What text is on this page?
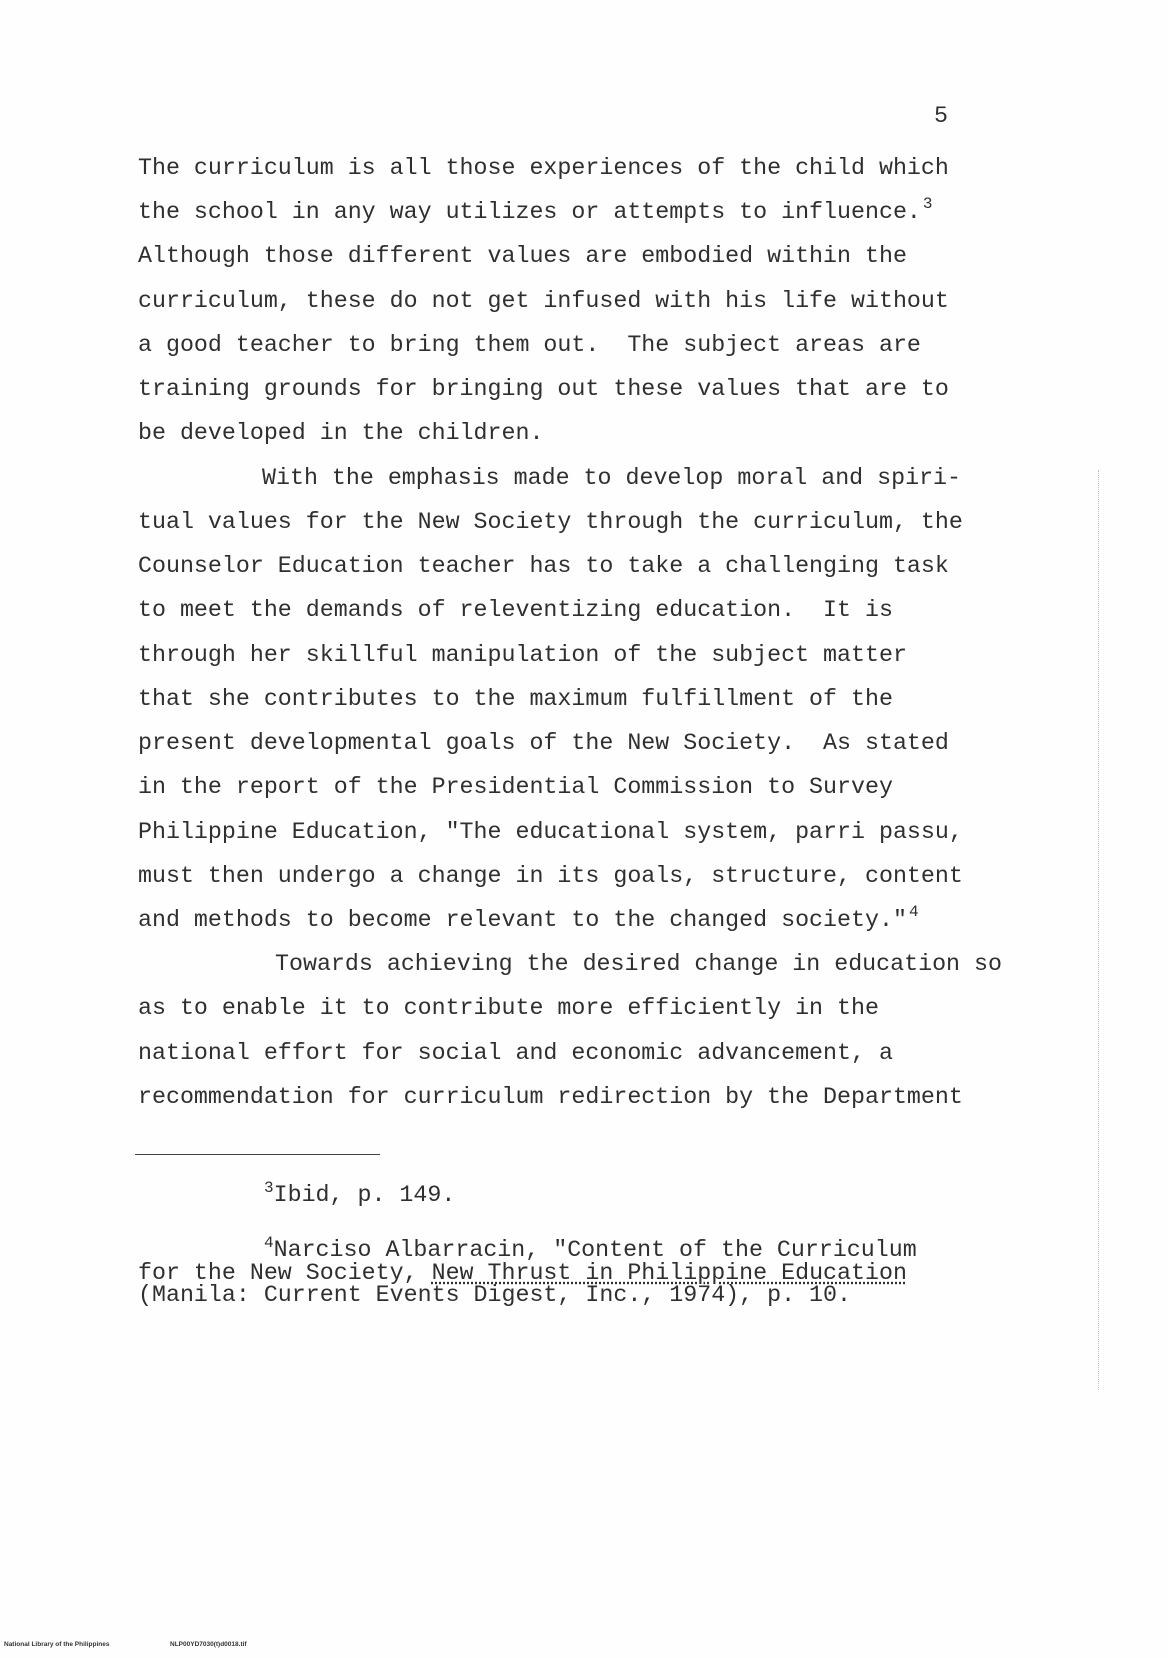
5
The curriculum is all those experiences of the child which
the school in any way utilizes or attempts to influence. $^3$
Although those different values are embodied within the
curriculum, these do not get infused with his life without
a good teacher to bring them out.  The subject areas are
training grounds for bringing out these values that are to
be developed in the children.
With the emphasis made to develop moral and spiri-
tual values for the New Society through the curriculum, the
Counselor Education teacher has to take a challenging task
to meet the demands of releventizing education.  It is
through her skillful manipulation of the subject matter
that she contributes to the maximum fulfillment of the
present developmental goals of the New Society.  As stated
in the report of the Presidential Commission to Survey
Philippine Education, "The educational system, parri passu,
must then undergo a change in its goals, structure, content
and methods to become relevant to the changed society." $^4$
Towards achieving the desired change in education so
as to enable it to contribute more efficiently in the
national effort for social and economic advancement, a
recommendation for curriculum redirection by the Department
$^3$Ibid, p. 149.
$^4$Narciso Albarracin, "Content of the Curriculum
for the New Society, New Thrust in Philippine Education
(Manila: Current Events Digest, Inc., 1974), p. 10.
National Library of the Philippines	NLP00YD7030(t)d0018.tif
